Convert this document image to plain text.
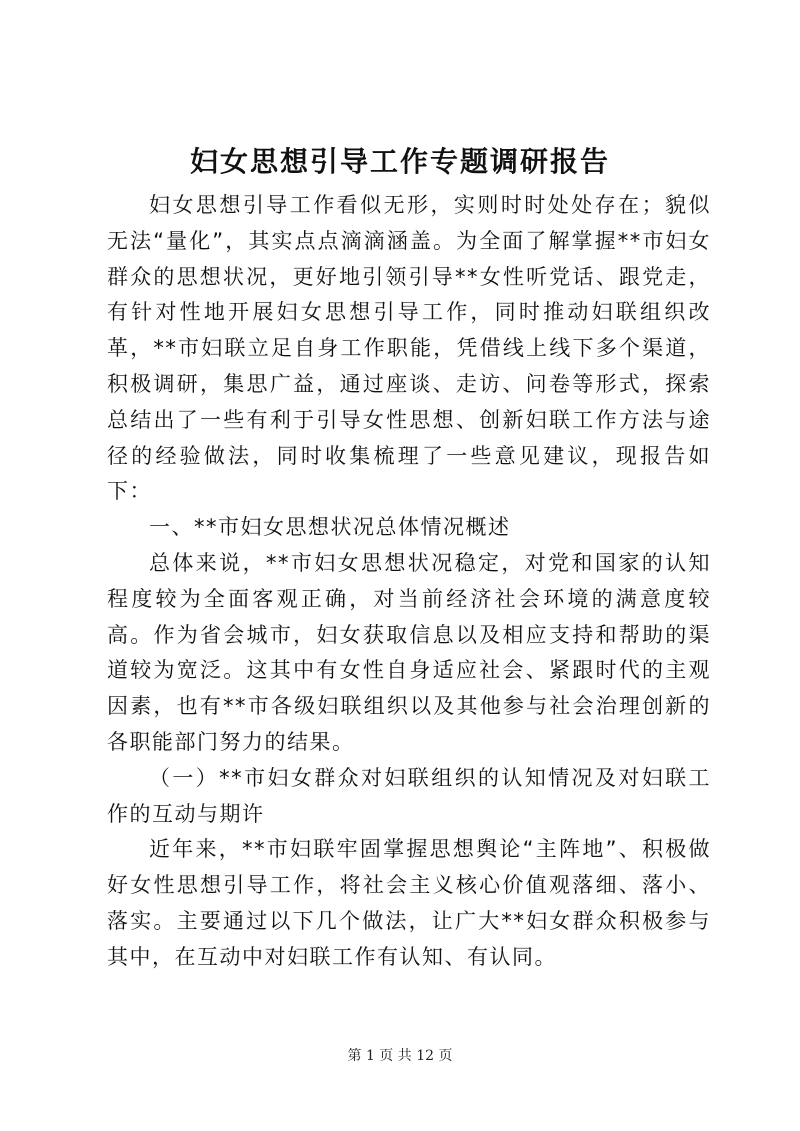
妇女思想引导工作专题调研报告

妇女思想引导工作看似无形，实则时时处处存在；貌似无法“量化”，其实点点滴滴涵盖。为全面了解掌握**市妇女群众的思想状况，更好地引领引导**女性听党话、跟党走，有针对性地开展妇女思想引导工作，同时推动妇联组织改革，**市妇联立足自身工作职能，凭借线上线下多个渠道，积极调研，集思广益，通过座谈、走访、问卷等形式，探索总结出了一些有利于引导女性思想、创新妇联工作方法与途径的经验做法，同时收集梳理了一些意见建议，现报告如下：

一、**市妇女思想状况总体情况概述

总体来说，**市妇女思想状况稳定，对党和国家的认知程度较为全面客观正确，对当前经济社会环境的满意度较高。作为省会城市，妇女获取信息以及相应支持和帮助的渠道较为宽泛。这其中有女性自身适应社会、紧跟时代的主观因素，也有**市各级妇联组织以及其他参与社会治理创新的各职能部门努力的结果。

（一）**市妇女群众对妇联组织的认知情况及对妇联工作的互动与期许

近年来，**市妇联牢固掌握思想舆论“主阵地”、积极做好女性思想引导工作，将社会主义核心价值观落细、落小、落实。主要通过以下几个做法，让广大**妇女群众积极参与其中，在互动中对妇联工作有认知、有认同。

第 1 页 共 12 页
